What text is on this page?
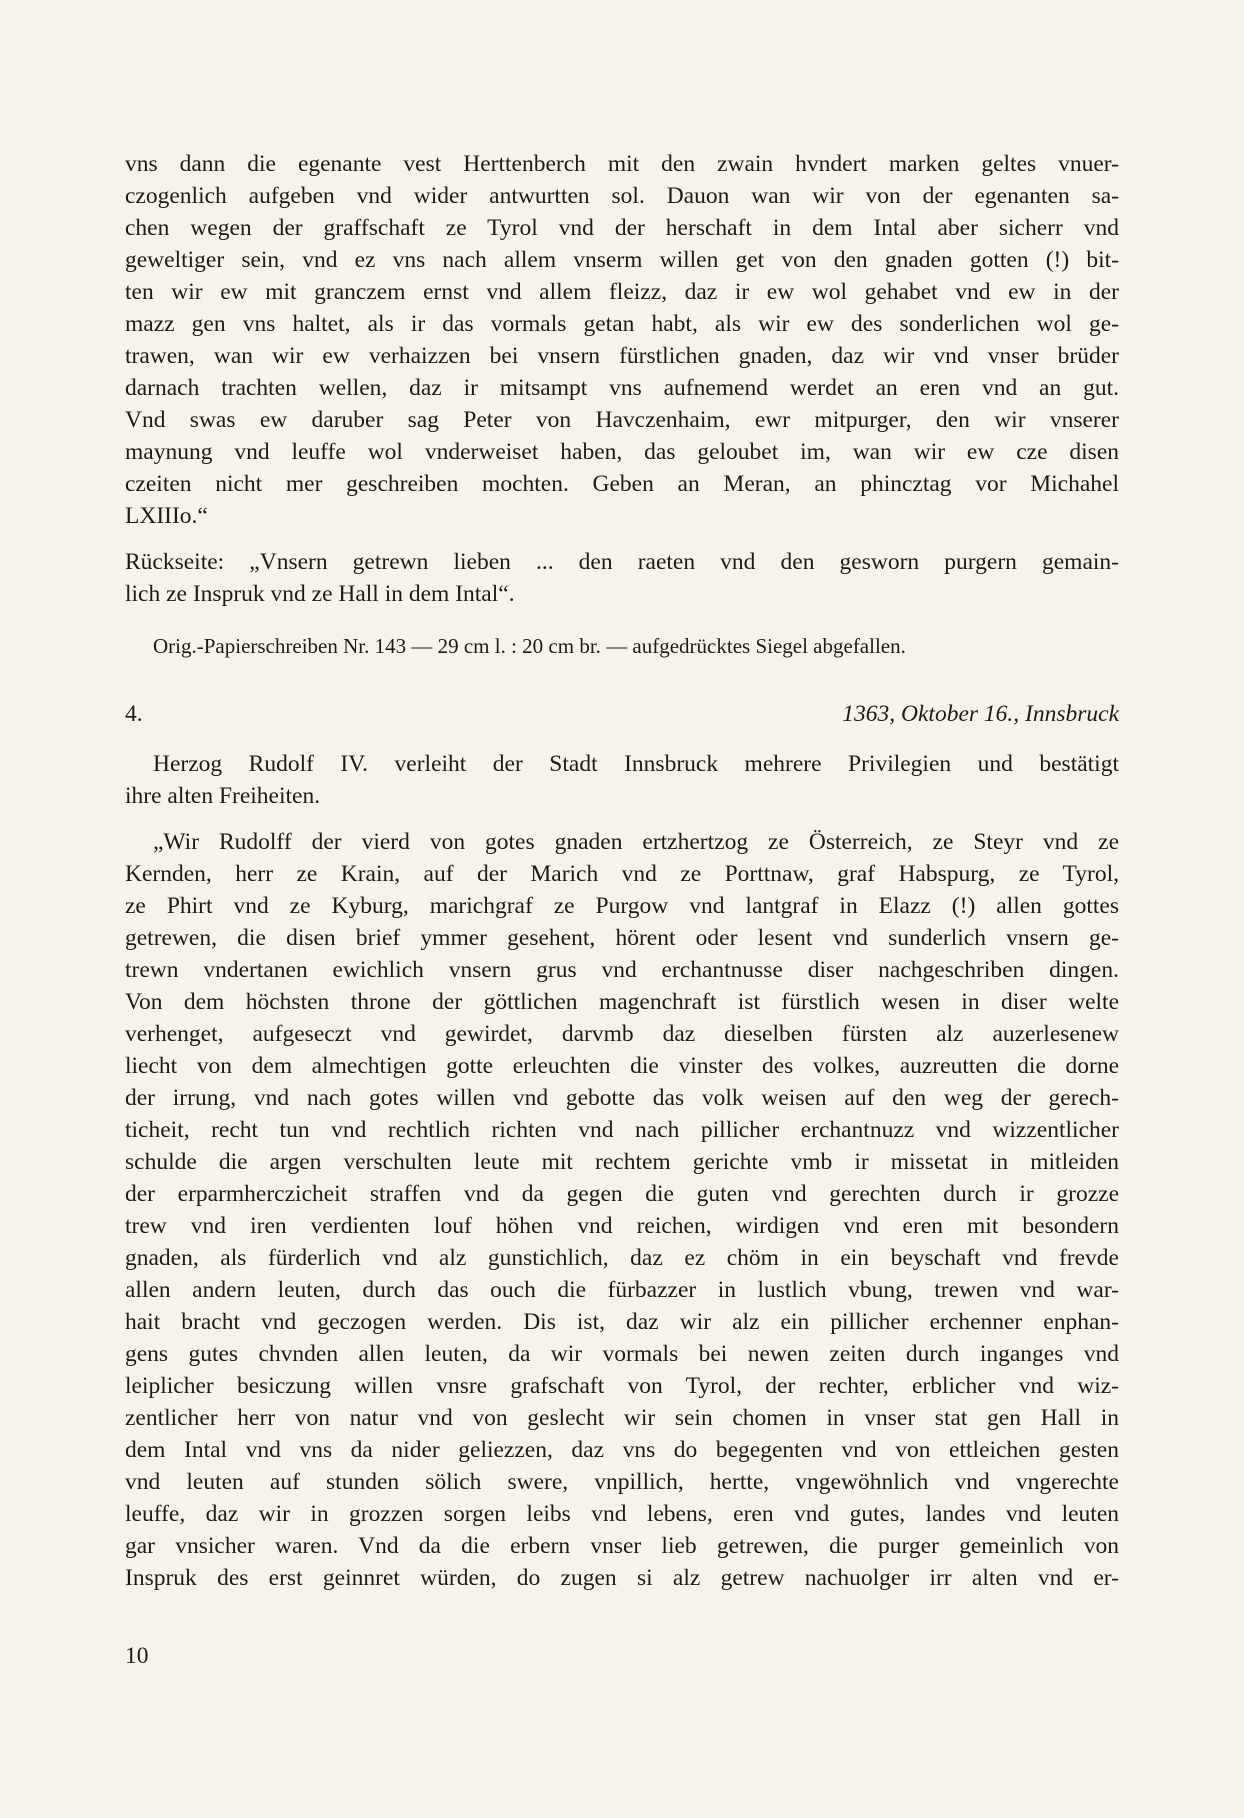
vns dann die egenante vest Herttenberch mit den zwain hvndert marken geltes vnuer-
czogenlich aufgeben vnd wider antwurtten sol. Dauon wan wir von der egenanten sa-
chen wegen der graffschaft ze Tyrol vnd der herschaft in dem Intal aber sicherr vnd
geweltiger sein, vnd ez vns nach allem vnserm willen get von den gnaden gotten (!) bit-
ten wir ew mit granczem ernst vnd allem fleizz, daz ir ew wol gehabet vnd ew in der
mazz gen vns haltet, als ir das vormals getan habt, als wir ew des sonderlichen wol ge-
trawen, wan wir ew verhaizzen bei vnsern fürstlichen gnaden, daz wir vnd vnser brüder
darnach trachten wellen, daz ir mitsampt vns aufnemend werdet an eren vnd an gut.
Vnd swas ew daruber sag Peter von Havczenhaim, ewr mitpurger, den wir vnserer
maynung vnd leuffe wol vnderweiset haben, das geloubet im, wan wir ew cze disen
czeiten nicht mer geschreiben mochten. Geben an Meran, an phincztag vor Michahel
LXIIIo.“
Rückseite: „Vnsern getrewn lieben ... den raeten vnd den gesworn purgern gemain-
lich ze Inspruk vnd ze Hall in dem Intal“.
Orig.-Papierschreiben Nr. 143 — 29 cm l. : 20 cm br. — aufgedrücktes Siegel abgefallen.
4.	1363, Oktober 16., Innsbruck
Herzog Rudolf IV. verleiht der Stadt Innsbruck mehrere Privilegien und bestätigt
ihre alten Freiheiten.
„Wir Rudolff der vierd von gotes gnaden ertzhertzog ze Österreich, ze Steyr vnd ze
Kernden, herr ze Krain, auf der Marich vnd ze Porttnaw, graf Habspurg, ze Tyrol,
ze Phirt vnd ze Kyburg, marichgraf ze Purgow vnd lantgraf in Elazz (!) allen gottes
getrewen, die disen brief ymmer gesehent, hörent oder lesent vnd sunderlich vnsern ge-
trewn vndertanen ewichlich vnsern grus vnd erchantnusse diser nachgeschriben dingen.
Von dem höchsten throne der göttlichen magenchraft ist fürstlich wesen in diser welte
verhenget, aufgeseczt vnd gewirdet, darvmb daz dieselben fürsten alz auzerlesenew
liecht von dem almechtigen gotte erleuchten die vinster des volkes, auzreutten die dorne
der irrung, vnd nach gotes willen vnd gebotte das volk weisen auf den weg der gerech-
ticheit, recht tun vnd rechtlich richten vnd nach pillicher erchantnuzz vnd wizzentlicher
schulde die argen verschulten leute mit rechtem gerichte vmb ir missetat in mitleiden
der erparmherczicheit straffen vnd da gegen die guten vnd gerechten durch ir grozze
trew vnd iren verdienten louf höhen vnd reichen, wirdigen vnd eren mit besondern
gnaden, als fürderlich vnd alz gunstichlich, daz ez chöm in ein beyschaft vnd frevde
allen andern leuten, durch das ouch die fürbazzer in lustlich vbung, trewen vnd war-
hait bracht vnd geczogen werden. Dis ist, daz wir alz ein pillicher erchenner enphan-
gens gutes chvnden allen leuten, da wir vormals bei newen zeiten durch inganges vnd
leiplicher besiczung willen vnsre grafschaft von Tyrol, der rechter, erblicher vnd wiz-
zentlicher herr von natur vnd von geslecht wir sein chomen in vnser stat gen Hall in
dem Intal vnd vns da nider geliezzen, daz vns do begegenten vnd von ettleichen gesten
vnd leuten auf stunden sölich swere, vnpillich, hertte, vngewöhnlich vnd vngerechte
leuffe, daz wir in grozzen sorgen leibs vnd lebens, eren vnd gutes, landes vnd leuten
gar vnsicher waren. Vnd da die erbern vnser lieb getrewen, die purger gemeinlich von
Inspruk des erst geinnret würden, do zugen si alz getrew nachuolger irr alten vnd er-
10
